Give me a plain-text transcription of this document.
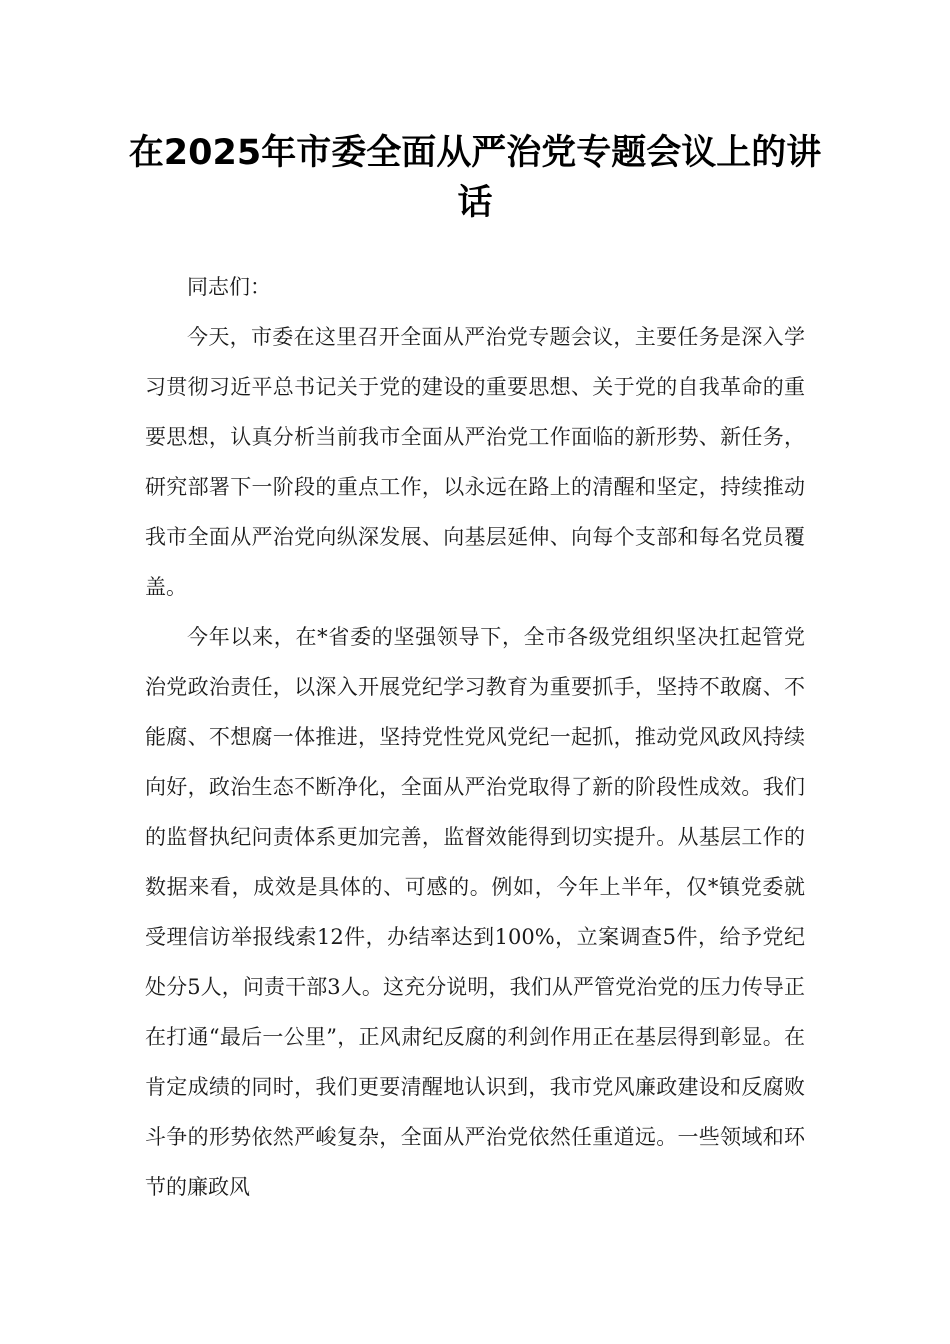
在2025年市委全面从严治党专题会议上的讲话

同志们：

今天，市委在这里召开全面从严治党专题会议，主要任务是深入学习贯彻习近平总书记关于党的建设的重要思想、关于党的自我革命的重要思想，认真分析当前我市全面从严治党工作面临的新形势、新任务，研究部署下一阶段的重点工作，以永远在路上的清醒和坚定，持续推动我市全面从严治党向纵深发展、向基层延伸、向每个支部和每名党员覆盖。

今年以来，在*省委的坚强领导下，全市各级党组织坚决扛起管党治党政治责任，以深入开展党纪学习教育为重要抓手，坚持不敢腐、不能腐、不想腐一体推进，坚持党性党风党纪一起抓，推动党风政风持续向好，政治生态不断净化，全面从严治党取得了新的阶段性成效。我们的监督执纪问责体系更加完善，监督效能得到切实提升。从基层工作的数据来看，成效是具体的、可感的。例如，今年上半年，仅*镇党委就受理信访举报线索12件，办结率达到100%，立案调查5件，给予党纪处分5人，问责干部3人。这充分说明，我们从严管党治党的压力传导正在打通“最后一公里”，正风肃纪反腐的利剑作用正在基层得到彰显。在肯定成绩的同时，我们更要清醒地认识到，我市党风廉政建设和反腐败斗争的形势依然严峻复杂，全面从严治党依然任重道远。一些领域和环节的廉政风
